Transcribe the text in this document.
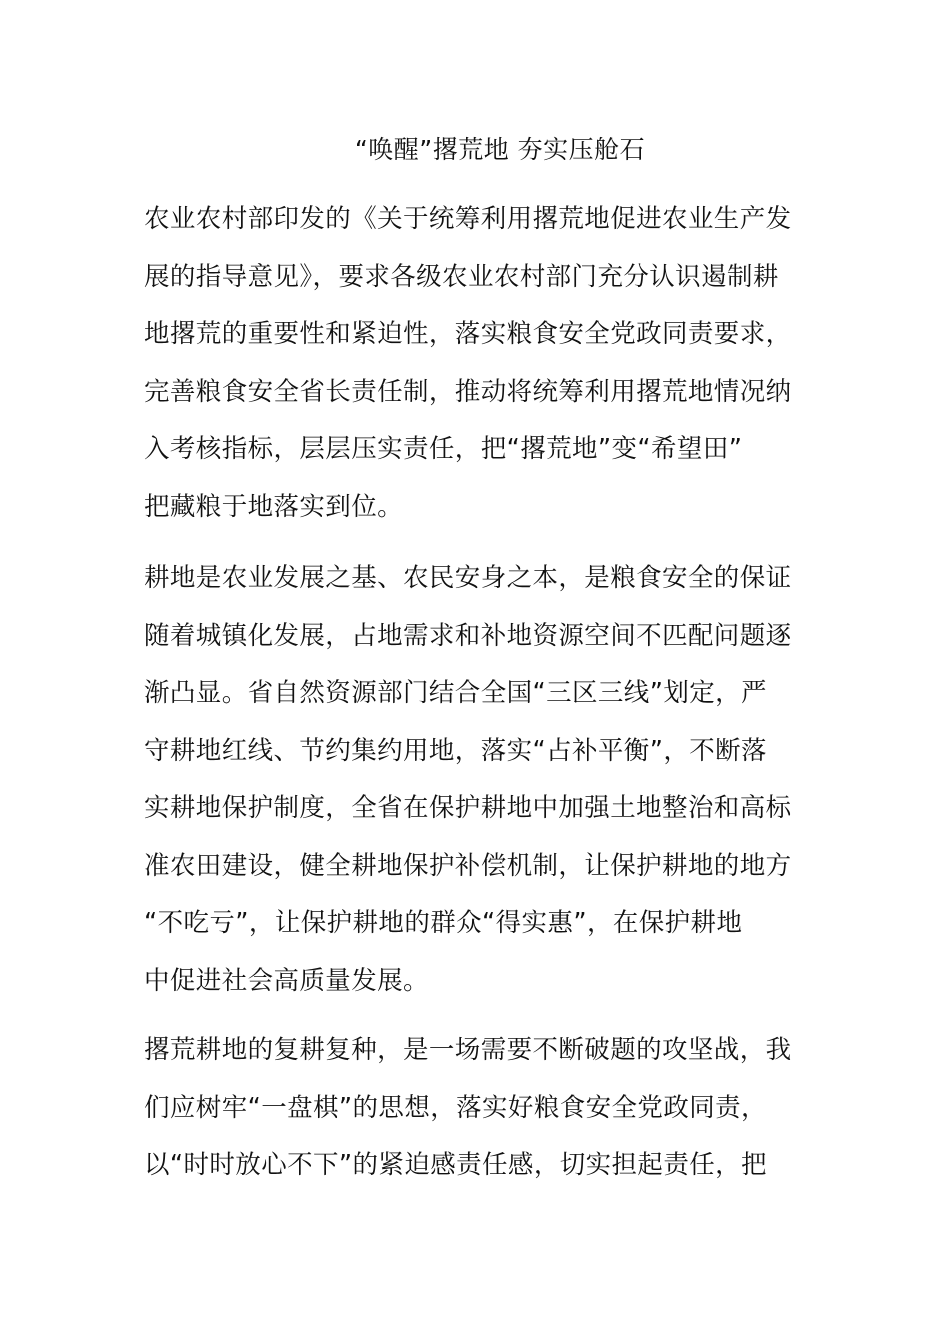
“唤醒”撂荒地 夯实压舱石
农业农村部印发的《关于统筹利用撂荒地促进农业生产发
展的指导意见》，要求各级农业农村部门充分认识遏制耕
地撂荒的重要性和紧迫性，落实粮食安全党政同责要求，
完善粮食安全省长责任制，推动将统筹利用撂荒地情况纳
入考核指标，层层压实责任，把“撂荒地”变“希望田”
把藏粮于地落实到位。
耕地是农业发展之基、农民安身之本，是粮食安全的保证
随着城镇化发展，占地需求和补地资源空间不匹配问题逐
渐凸显。省自然资源部门结合全国“三区三线”划定，严
守耕地红线、节约集约用地，落实“占补平衡”，不断落
实耕地保护制度，全省在保护耕地中加强土地整治和高标
准农田建设，健全耕地保护补偿机制，让保护耕地的地方
“不吃亏”，让保护耕地的群众“得实惠”，在保护耕地
中促进社会高质量发展。
撂荒耕地的复耕复种，是一场需要不断破题的攻坚战，我
们应树牢“一盘棋”的思想，落实好粮食安全党政同责，
以“时时放心不下”的紧迫感责任感，切实担起责任，把
